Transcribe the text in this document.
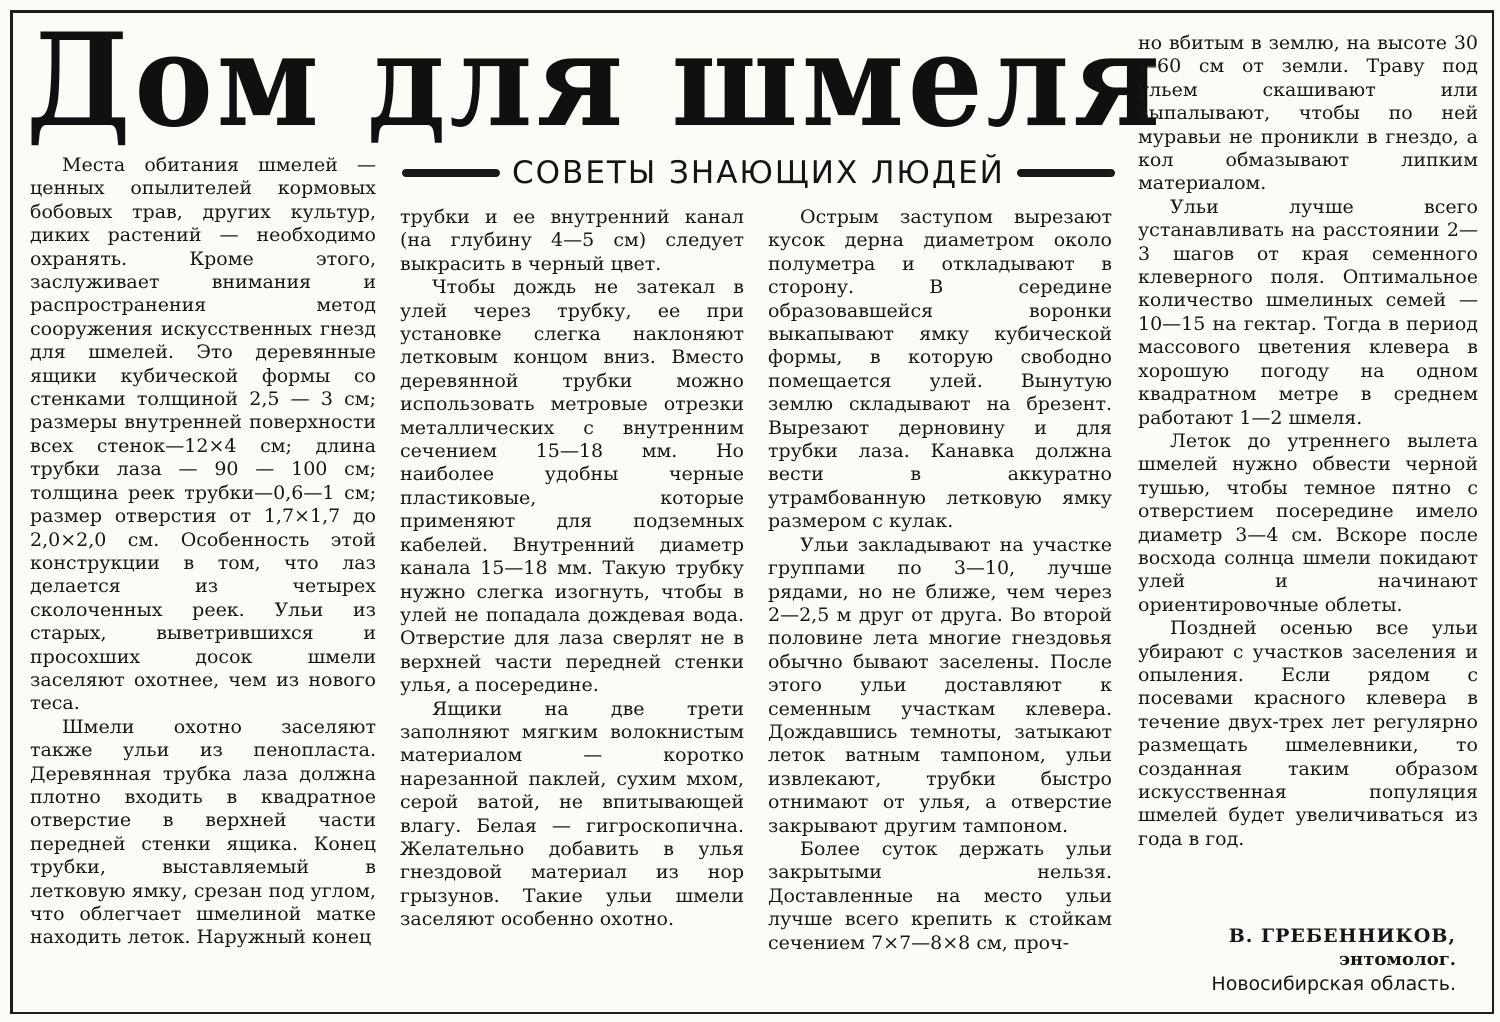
Дом для шмеля
СОВЕТЫ ЗНАЮЩИХ ЛЮДЕЙ

Места обитания шмелей — ценных опылителей кормовых бобовых трав, других культур, диких растений — необходимо охранять. Кроме этого, заслуживает внимания и распространения метод сооружения искусственных гнезд для шмелей. Это деревянные ящики кубической формы со стенками толщиной 2,5 — 3 см; размеры внутренней поверхности всех стенок—12×4 см; длина трубки лаза — 90 — 100 см; толщина реек трубки—0,6—1 см; размер отверстия от 1,7×1,7 до 2,0×2,0 см. Особенность этой конструкции в том, что лаз делается из четырех сколоченных реек. Ульи из старых, выветрившихся и просохших досок шмели заселяют охотнее, чем из нового теса.

Шмели охотно заселяют также ульи из пенопласта. Деревянная трубка лаза должна плотно входить в квадратное отверстие в верхней части передней стенки ящика. Конец трубки, выставляемый в летковую ямку, срезан под углом, что облегчает шмелиной матке находить леток. Наружный конец

трубки и ее внутренний канал (на глубину 4—5 см) следует выкрасить в черный цвет.

Чтобы дождь не затекал в улей через трубку, ее при установке слегка наклоняют летковым концом вниз. Вместо деревянной трубки можно использовать метровые отрезки металлических с внутренним сечением 15—18 мм. Но наиболее удобны черные пластиковые, которые применяют для подземных кабелей. Внутренний диаметр канала 15—18 мм. Такую трубку нужно слегка изогнуть, чтобы в улей не попадала дождевая вода. Отверстие для лаза сверлят не в верхней части передней стенки улья, а посередине.

Ящики на две трети заполняют мягким волокнистым материалом — коротко нарезанной паклей, сухим мхом, серой ватой, не впитывающей влагу. Белая — гигроскопична. Желательно добавить в улья гнездовой материал из нор грызунов. Такие ульи шмели заселяют особенно охотно.

Острым заступом вырезают кусок дерна диаметром около полуметра и откладывают в сторону. В середине образовавшейся воронки выкапывают ямку кубической формы, в которую свободно помещается улей. Вынутую землю складывают на брезент. Вырезают дерновину и для трубки лаза. Канавка должна вести в аккуратно утрамбованную летковую ямку размером с кулак.

Ульи закладывают на участке группами по 3—10, лучше рядами, но не ближе, чем через 2—2,5 м друг от друга. Во второй половине лета многие гнездовья обычно бывают заселены. После этого ульи доставляют к семенным участкам клевера. Дождавшись темноты, затыкают леток ватным тампоном, ульи извлекают, трубки быстро отнимают от улья, а отверстие закрывают другим тампоном.

Более суток держать ульи закрытыми нельзя. Доставленные на место ульи лучше всего крепить к стойкам сечением 7×7—8×8 см, проч-

но вбитым в землю, на высоте 30—60 см от земли. Траву под ульем скашивают или выпалывают, чтобы по ней муравьи не проникли в гнездо, а кол обмазывают липким материалом.

Ульи лучше всего устанавливать на расстоянии 2—3 шагов от края семенного клеверного поля. Оптимальное количество шмелиных семей — 10—15 на гектар. Тогда в период массового цветения клевера в хорошую погоду на одном квадратном метре в среднем работают 1—2 шмеля.

Леток до утреннего вылета шмелей нужно обвести черной тушью, чтобы темное пятно с отверстием посередине имело диаметр 3—4 см. Вскоре после восхода солнца шмели покидают улей и начинают ориентировочные облеты.

Поздней осенью все ульи убирают с участков заселения и опыления. Если рядом с посевами красного клевера в течение двух-трех лет регулярно размещать шмелевники, то созданная таким образом искусственная популяция шмелей будет увеличиваться из года в год.

В. ГРЕБЕННИКОВ,
энтомолог.
Новосибирская область.
